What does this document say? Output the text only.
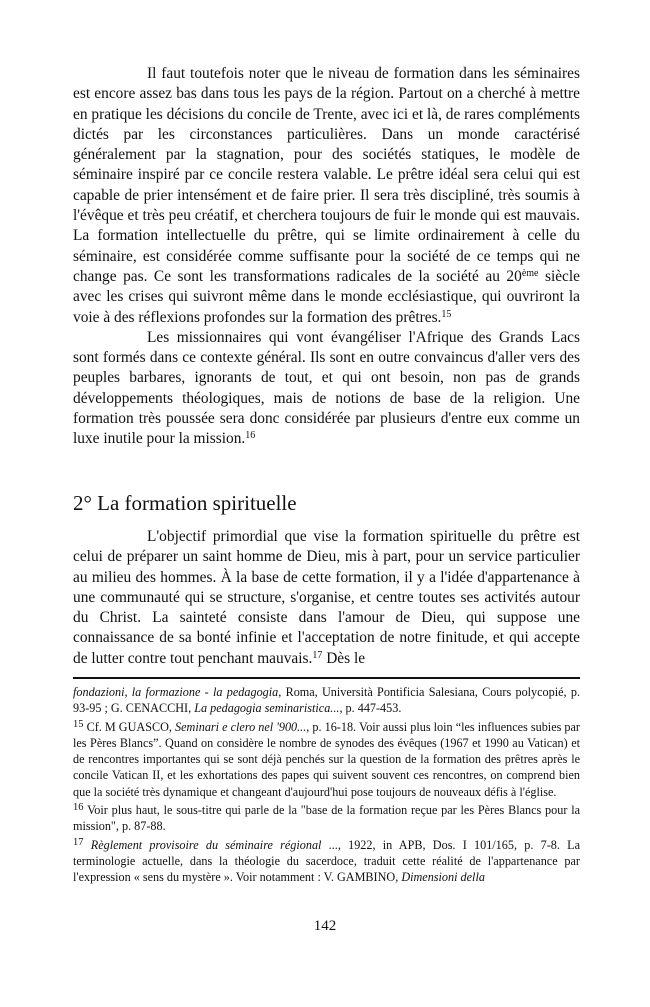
Il faut toutefois noter que le niveau de formation dans les séminaires est encore assez bas dans tous les pays de la région. Partout on a cherché à mettre en pratique les décisions du concile de Trente, avec ici et là, de rares compléments dictés par les circonstances particulières. Dans un monde caractérisé généralement par la stagnation, pour des sociétés statiques, le modèle de séminaire inspiré par ce concile restera valable. Le prêtre idéal sera celui qui est capable de prier intensément et de faire prier. Il sera très discipliné, très soumis à l'évêque et très peu créatif, et cherchera toujours de fuir le monde qui est mauvais. La formation intellectuelle du prêtre, qui se limite ordinairement à celle du séminaire, est considérée comme suffisante pour la société de ce temps qui ne change pas. Ce sont les transformations radicales de la société au 20ème siècle avec les crises qui suivront même dans le monde ecclésiastique, qui ouvriront la voie à des réflexions profondes sur la formation des prêtres.$^{15}$

Les missionnaires qui vont évangéliser l'Afrique des Grands Lacs sont formés dans ce contexte général. Ils sont en outre convaincus d'aller vers des peuples barbares, ignorants de tout, et qui ont besoin, non pas de grands développements théologiques, mais de notions de base de la religion. Une formation très poussée sera donc considérée par plusieurs d'entre eux comme un luxe inutile pour la mission.$^{16}$

2° La formation spirituelle

L'objectif primordial que vise la formation spirituelle du prêtre est celui de préparer un saint homme de Dieu, mis à part, pour un service particulier au milieu des hommes. À la base de cette formation, il y a l'idée d'appartenance à une communauté qui se structure, s'organise, et centre toutes ses activités autour du Christ. La sainteté consiste dans l'amour de Dieu, qui suppose une connaissance de sa bonté infinie et l'acceptation de notre finitude, et qui accepte de lutter contre tout penchant mauvais.$^{17}$ Dès le

fondazioni, la formazione - la pedagogia, Roma, Università Pontificia Salesiana, Cours polycopié, p. 93-95 ; G. CENACCHI, La pedagogia seminaristica..., p. 447-453.

15 Cf. M GUASCO, Seminari e clero nel '900..., p. 16-18. Voir aussi plus loin “les influences subies par les Pères Blancs”. Quand on considère le nombre de synodes des évêques (1967 et 1990 au Vatican) et de rencontres importantes qui se sont déjà penchés sur la question de la formation des prêtres après le concile Vatican II, et les exhortations des papes qui suivent souvent ces rencontres, on comprend bien que la société très dynamique et changeant d'aujourd'hui pose toujours de nouveaux défis à l'église.

16 Voir plus haut, le sous-titre qui parle de la "base de la formation reçue par les Pères Blancs pour la mission", p. 87-88.

17 Règlement provisoire du séminaire régional ..., 1922, in APB, Dos. I 101/165, p. 7-8. La terminologie actuelle, dans la théologie du sacerdoce, traduit cette réalité de l'appartenance par l'expression « sens du mystère ». Voir notamment : V. GAMBINO, Dimensioni della

142
